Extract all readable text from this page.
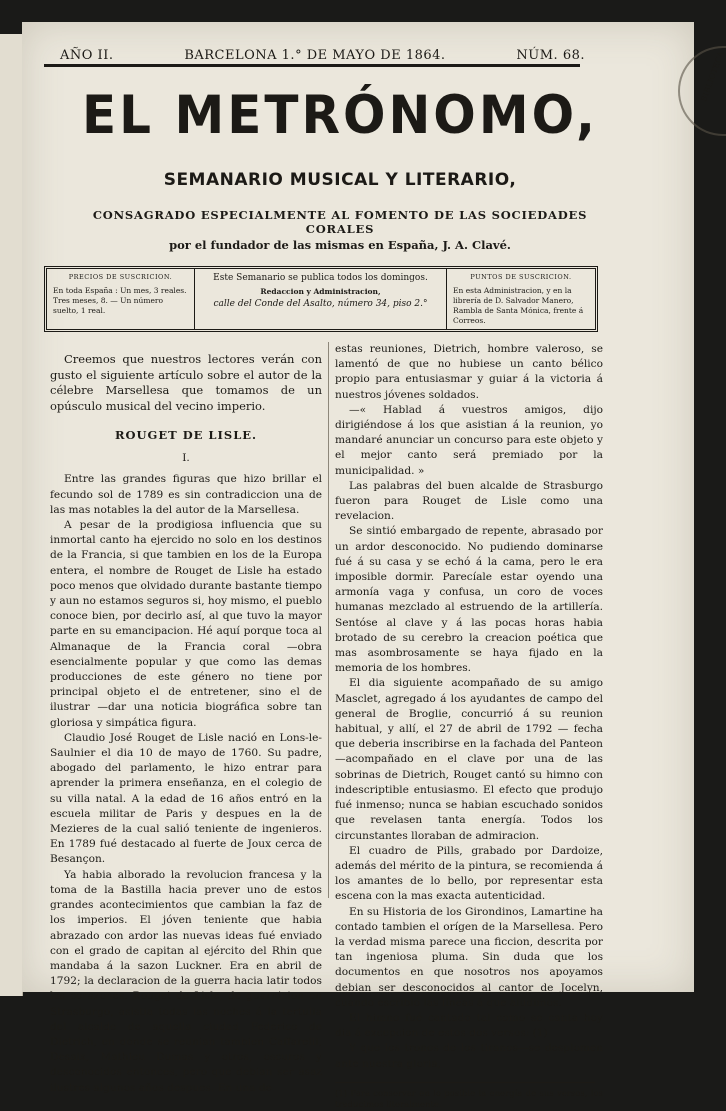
BIBLIOTECA
AÑO II.	BARCELONA 1.° DE MAYO DE 1864.	NÚM. 68.
EL METRÓNOMO,
SEMANARIO MUSICAL Y LITERARIO,
CONSAGRADO ESPECIALMENTE AL FOMENTO DE LAS SOCIEDADES CORALES
por el fundador de las mismas en España, J. A. Clavé.
PRECIOS DE SUSCRICION.
En toda España : Un mes, 3 reales. Tres meses, 8. — Un número suelto, 1 real.
Este Semanario se publica todos los domingos.
Redaccion y Administracion,
calle del Conde del Asalto, número 34, piso 2.°
PUNTOS DE SUSCRICION.
En esta Administracion, y en la librería de D. Salvador Manero, Rambla de Santa Mónica, frente á Correos.

Creemos que nuestros lectores verán con gusto el siguiente artículo sobre el autor de la célebre Marsellesa que tomamos de un opúsculo musical del vecino imperio.

ROUGET DE LISLE.
I.

Entre las grandes figuras que hizo brillar el fecundo sol de 1789 es sin contradiccion una de las mas notables la del autor de la Marsellesa.

A pesar de la prodigiosa influencia que su inmortal canto ha ejercido no solo en los destinos de la Francia, si que tambien en los de la Europa entera, el nombre de Rouget de Lisle ha estado poco menos que olvidado durante bastante tiempo y aun no estamos seguros si, hoy mismo, el pueblo conoce bien, por decirlo así, al que tuvo la mayor parte en su emancipacion. Hé aquí porque toca al Almanaque de la Francia coral —obra esencialmente popular y que como las demas producciones de este género no tiene por principal objeto el de entretener, sino el de ilustrar —dar una noticia biográfica sobre tan gloriosa y simpática figura.

Claudio José Rouget de Lisle nació en Lons-le-Saulnier el dia 10 de mayo de 1760. Su padre, abogado del parlamento, le hizo entrar para aprender la primera enseñanza, en el colegio de su villa natal. A la edad de 16 años entró en la escuela militar de Paris y despues en la de Mezieres de la cual salió teniente de ingenieros. En 1789 fué destacado al fuerte de Joux cerca de Besançon.

Ya habia alborado la revolucion francesa y la toma de la Bastilla hacia prever uno de estos grandes acontecimientos que cambian la faz de los imperios. El jóven teniente que habia abrazado con ardor las nuevas ideas fué enviado con el grado de capitan al ejército del Rhin que mandaba á la sazon Luckner. Era en abril de 1792; la declaracion de la guerra hacia latir todos los corazones. Rouget de Lisle, de guarnicion en Strasburgo, asistia todas las noches á la tertulia del alcalde de aquella ciudad Federico de Dietrich, en donde se reunian tambien Caffarelli, Desaix, Mathieu Dumas y otros, oscuros y desconocidos entonces, pero que debian ser asaz ilustres algunos años despues. En una de

estas reuniones, Dietrich, hombre valeroso, se lamentó de que no hubiese un canto bélico propio para entusiasmar y guiar á la victoria á nuestros jóvenes soldados.

—« Hablad á vuestros amigos, dijo dirigiéndose á los que asistian á la reunion, yo mandaré anunciar un concurso para este objeto y el mejor canto será premiado por la municipalidad. »

Las palabras del buen alcalde de Strasburgo fueron para Rouget de Lisle como una revelacion.

Se sintió embargado de repente, abrasado por un ardor desconocido. No pudiendo dominarse fué á su casa y se echó á la cama, pero le era imposible dormir. Parecíale estar oyendo una armonía vaga y confusa, un coro de voces humanas mezclado al estruendo de la artillería. Sentóse al clave y á las pocas horas habia brotado de su cerebro la creacion poética que mas asombrosamente se haya fijado en la memoria de los hombres.

El dia siguiente acompañado de su amigo Masclet, agregado á los ayudantes de campo del general de Broglie, concurrió á su reunion habitual, y allí, el 27 de abril de 1792 — fecha que deberia inscribirse en la fachada del Panteon—acompañado en el clave por una de las sobrinas de Dietrich, Rouget cantó su himno con indescriptible entusiasmo. El efecto que produjo fué inmenso; nunca se habian escuchado sonidos que revelasen tanta energía. Todos los circunstantes lloraban de admiracion.

El cuadro de Pills, grabado por Dardoize, además del mérito de la pintura, se recomienda á los amantes de lo bello, por representar esta escena con la mas exacta autenticidad.

En su Historia de los Girondinos, Lamartine ha contado tambien el orígen de la Marsellesa. Pero la verdad misma parece una ficcion, descrita por tan ingeniosa pluma. Sin duda que los documentos en que nosotros nos apoyamos debian ser desconocidos al cantor de Jocelyn, cuando escribió las líneas á que aludimos.

El himno fué cantado tal como se canta hoy dia á excepcion de estos dos versos: (1)

Y que los tronos de los tiranos—se desplomen ante nuestra gloria,

(1) Para conservar en lo posible la energía de sus versos, los traducimos literalmente.
